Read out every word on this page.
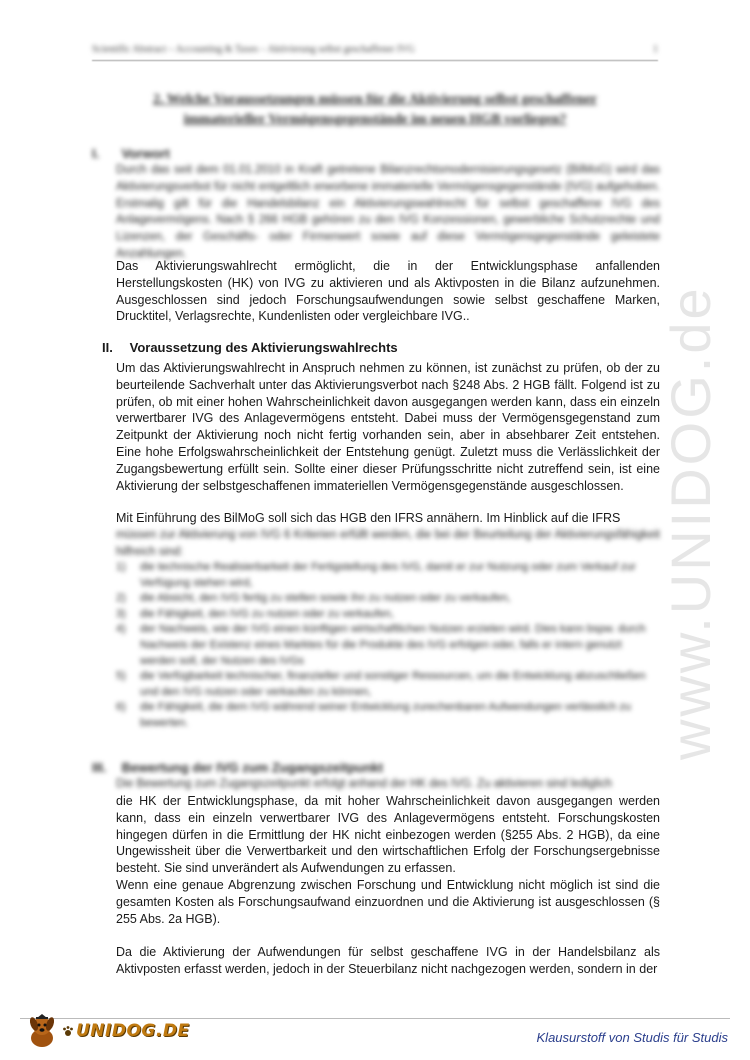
www.UNIDOG.de
Scientific Abstract – Accounting & Taxes – Aktivierung selbst geschaffener IVG	1
2. Welche Voraussetzungen müssen für die Aktivierung selbst geschaffener
immaterieller Vermögensgegenstände im neuen HGB vorliegen?
I. Vorwort
Durch das seit dem 01.01.2010 in Kraft getretene Bilanzrechtsmodernisierungsgesetz (BilMoG) wird das Aktivierungsverbot für nicht entgeltlich erworbene immaterielle Vermögensgegenstände (IVG) aufgehoben. Erstmalig gilt für die Handelsbilanz ein Aktivierungswahlrecht für selbst geschaffene IVG des Anlagevermögens. Nach § 266 HGB gehören zu den IVG Konzessionen, gewerbliche Schutzrechte und Lizenzen, der Geschäfts- oder Firmenwert sowie auf diese Vermögensgegenstände geleistete Anzahlungen.
Das Aktivierungswahlrecht ermöglicht, die in der Entwicklungsphase anfallenden Herstellungskosten (HK) von IVG zu aktivieren und als Aktivposten in die Bilanz aufzunehmen. Ausgeschlossen sind jedoch Forschungsaufwendungen sowie selbst geschaffene Marken, Drucktitel, Verlagsrechte, Kundenlisten oder vergleichbare IVG..
II. Voraussetzung des Aktivierungswahlrechts
Um das Aktivierungswahlrecht in Anspruch nehmen zu können, ist zunächst zu prüfen, ob der zu beurteilende Sachverhalt unter das Aktivierungsverbot nach §248 Abs. 2 HGB fällt. Folgend ist zu prüfen, ob mit einer hohen Wahrscheinlichkeit davon ausgegangen werden kann, dass ein einzeln verwertbarer IVG des Anlagevermögens entsteht. Dabei muss der Vermögensgegenstand zum Zeitpunkt der Aktivierung noch nicht fertig vorhanden sein, aber in absehbarer Zeit entstehen. Eine hohe Erfolgswahrscheinlichkeit der Entstehung genügt. Zuletzt muss die Verlässlichkeit der Zugangsbewertung erfüllt sein. Sollte einer dieser Prüfungsschritte nicht zutreffend sein, ist eine Aktivierung der selbstgeschaffenen immateriellen Vermögensgegenstände ausgeschlossen.

Mit Einführung des BilMoG soll sich das HGB den IFRS annähern. Im Hinblick auf die IFRS

müssen zur Aktivierung von IVG 6 Kriterien erfüllt werden, die bei der Beurteilung der Aktivierungsfähigkeit hilfreich sind:

1)	die technische Realisierbarkeit der Fertigstellung des IVG, damit er zur Nutzung oder zum Verkauf zur Verfügung stehen wird,
2)	die Absicht, den IVG fertig zu stellen sowie ihn zu nutzen oder zu verkaufen,
3)	die Fähigkeit, den IVG zu nutzen oder zu verkaufen,
4)	der Nachweis, wie der IVG einen künftigen wirtschaftlichen Nutzen erzielen wird. Dies kann bspw. durch Nachweis der Existenz eines Marktes für die Produkte des IVG erfolgen oder, falls er intern genutzt werden soll, der Nutzen des IVGs
5)	die Verfügbarkeit technischer, finanzieller und sonstiger Ressourcen, um die Entwicklung abzuschließen und den IVG nutzen oder verkaufen zu können,
6)	die Fähigkeit, die dem IVG während seiner Entwicklung zurechenbaren Aufwendungen verlässlich zu bewerten.
III. Bewertung der IVG zum Zugangszeitpunkt
Die Bewertung zum Zugangszeitpunkt erfolgt anhand der HK des IVG. Zu aktivieren sind lediglich
die HK der Entwicklungsphase, da mit hoher Wahrscheinlichkeit davon ausgegangen werden kann, dass ein einzeln verwertbarer IVG des Anlagevermögens entsteht. Forschungskosten hingegen dürfen in die Ermittlung der HK nicht einbezogen werden (§255 Abs. 2 HGB), da eine Ungewissheit über die Verwertbarkeit und den wirtschaftlichen Erfolg der Forschungsergebnisse besteht. Sie sind unverändert als Aufwendungen zu erfassen.
Wenn eine genaue Abgrenzung zwischen Forschung und Entwicklung nicht möglich ist sind die gesamten Kosten als Forschungsaufwand einzuordnen und die Aktivierung ist ausgeschlossen (§ 255 Abs. 2a HGB).
Da die Aktivierung der Aufwendungen für selbst geschaffene IVG in der Handelsbilanz als Aktivposten erfasst werden, jedoch in der Steuerbilanz nicht nachgezogen werden, sondern in der
UNIDOG.DE	Klausurstoff von Studis für Studis
